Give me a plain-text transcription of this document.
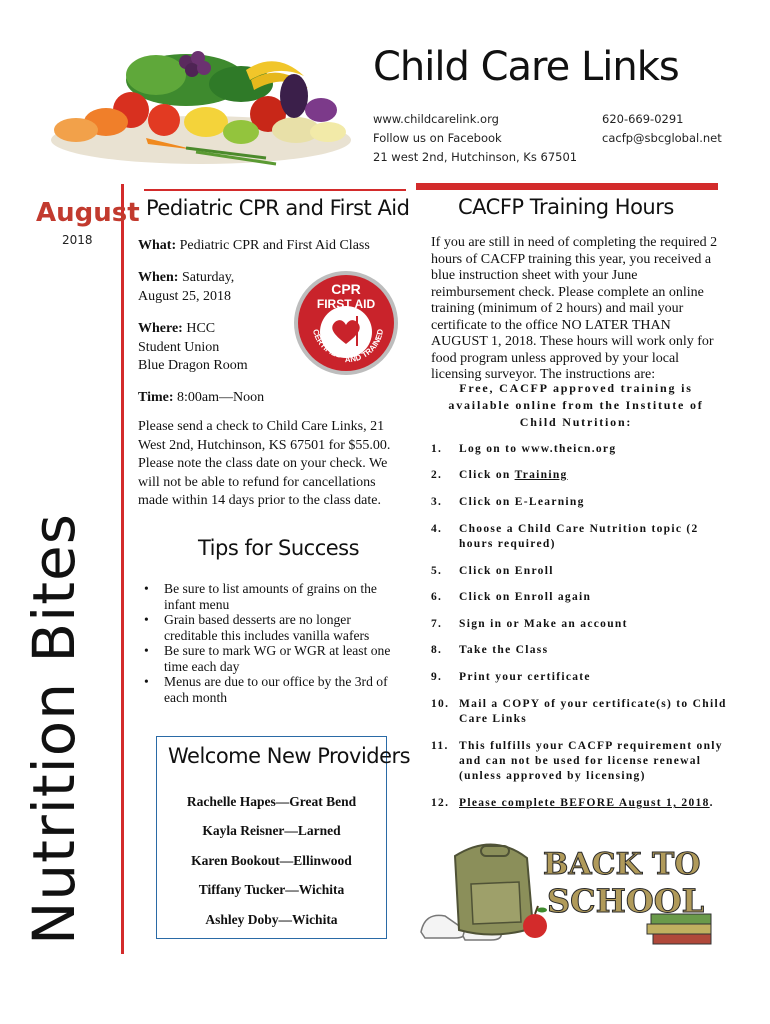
Child Care Links
www.childcarelink.org
Follow us on Facebook
21 west 2nd, Hutchinson, Ks 67501
620-669-0291
cacfp@sbcglobal.net
August
2018
Nutrition Bites
Pediatric CPR and First Aid
What: Pediatric CPR and First Aid Class
When: Saturday,
August 25, 2018
Where: HCC
Student Union
Blue Dragon Room
Time: 8:00am—Noon
Please send a check to Child Care Links, 21 West 2nd, Hutchinson, KS 67501 for $55.00. Please note the class date on your check. We will not be able to refund for cancellations made within 14 days prior to the class date.
CPR
FIRST AID
CERTIFIED AND TRAINED
Tips for Success
• Be sure to list amounts of grains on the infant menu
• Grain based desserts are no longer creditable this includes vanilla wafers
• Be sure to mark WG or WGR at least one time each day
• Menus are due to our office by the 3rd of each month
Welcome New Providers
Rachelle Hapes—Great Bend
Kayla Reisner—Larned
Karen Bookout—Ellinwood
Tiffany Tucker—Wichita
Ashley Doby—Wichita
CACFP Training Hours
If you are still in need of completing the required 2 hours of CACFP training this year, you received a blue instruction sheet with your June reimbursement check. Please complete an online training (minimum of 2 hours) and mail your certificate to the office NO LATER THAN AUGUST 1, 2018. These hours will work only for food program unless approved by your local licensing surveyor. The instructions are:
Free, CACFP approved training is available online from the Institute of Child Nutrition:
1.	Log on to www.theicn.org
2.	Click on Training
3.	Click on E-Learning
4.	Choose a Child Care Nutrition topic (2 hours required)
5.	Click on Enroll
6.	Click on Enroll again
7.	Sign in or Make an account
8.	Take the Class
9.	Print your certificate
10. Mail a COPY of your certificate(s) to Child Care Links
11. This fulfills your CACFP requirement only and can not be used for license renewal (unless approved by licensing)
12. Please complete BEFORE August 1, 2018.
BACK TO
SCHOOL
